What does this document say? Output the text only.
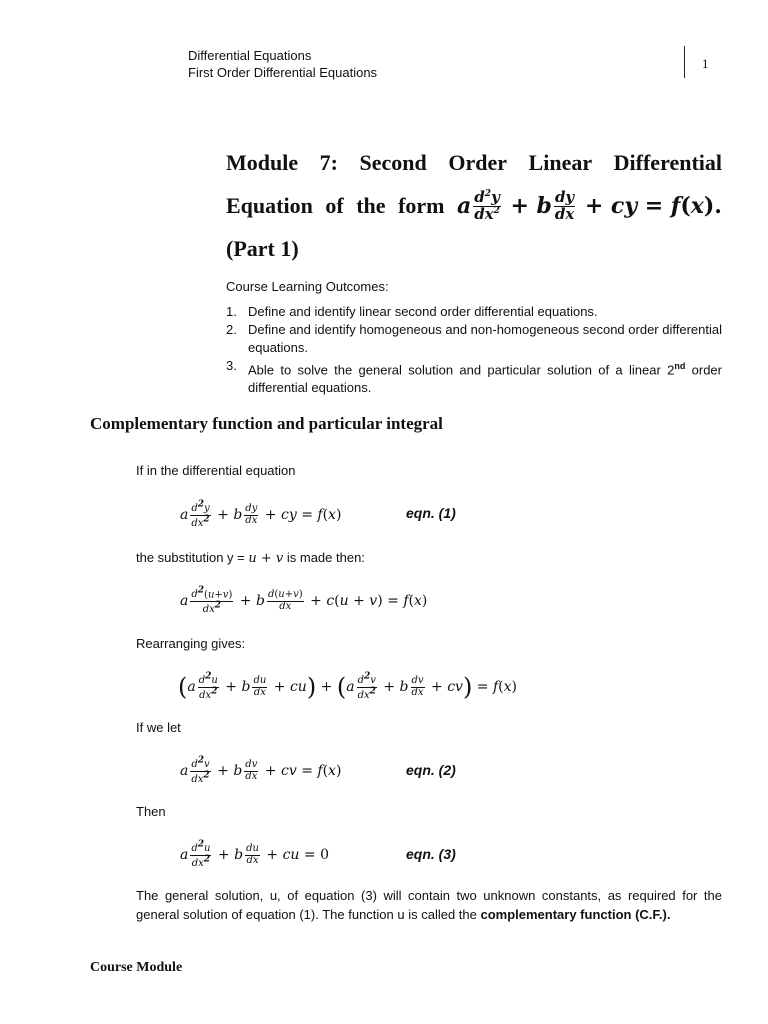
Differential Equations
First Order Differential Equations
1
Module 7: Second Order Linear Differential
Equation of the form a $\frac{d^2y}{dx^2} + b \frac{dy}{dx}$ + cy = f ( x ).
(Part 1)
Course Learning Outcomes:
1. Define and identify linear second order differential equations.
2. Define and identify homogeneous and non-homogeneous second order differential equations.
3. Able to solve the general solution and particular solution of a linear 2nd order differential equations.
Complementary function and particular integral
If in the differential equation
a $\frac{d^2y}{dx^2} + b \frac{dy}{dx}$ + cy = f ( x )	eqn. (1)
the substitution y = u + v is made then:
a $\frac{d^2(u+v)}{dx^2} + b \frac{d(u+v)}{dx} + c$ ( u + v ) = f ( x )
Rearranging gives:
( a $\frac{d^2u}{dx^2} + b \frac{du}{dx}$ + cu ) + ( a $\frac{d^2v}{dx^2} + b \frac{dv}{dx}$ + cv ) = f ( x )
If we let
a $\frac{d^2v}{dx^2} + b \frac{dv}{dx}$ + cv = f ( x )	eqn. (2)
Then
a $\frac{d^2u}{dx^2} + b \frac{du}{dx}$ + cu = 0	eqn. (3)
The general solution, u, of equation (3) will contain two unknown constants, as required for the general solution of equation (1). The function u is called the complementary function (C.F.).
Course Module
